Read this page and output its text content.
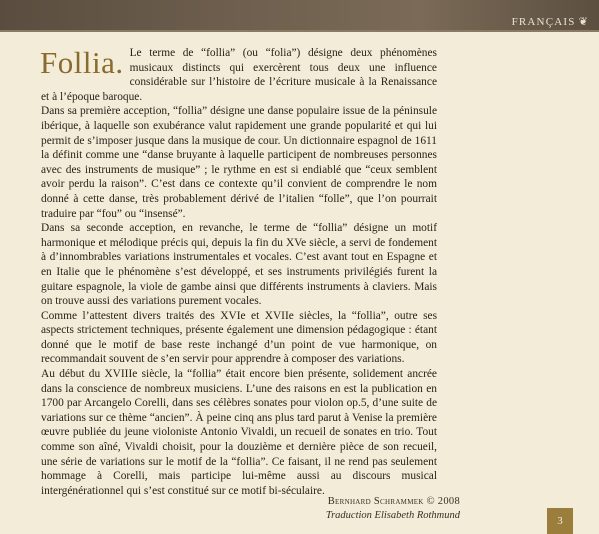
FRANÇAIS ❦

Follia. Le terme de “follia” (ou “folia”) désigne deux phénomènes musicaux distincts qui exercèrent tous deux une influence considérable sur l’histoire de l’écriture musicale à la Renaissance et à l’époque baroque.

Dans sa première acception, “follia” désigne une danse populaire issue de la péninsule ibérique, à laquelle son exubérance valut rapidement une grande popularité et qui lui permit de s’imposer jusque dans la musique de cour. Un dictionnaire espagnol de 1611 la définit comme une “danse bruyante à laquelle participent de nombreuses personnes avec des instruments de musique” ; le rythme en est si endiablé que “ceux semblent avoir perdu la raison”. C’est dans ce contexte qu’il convient de comprendre le nom donné à cette danse, très probablement dérivé de l’italien “folle”, que l’on pourrait traduire par “fou” ou “insensé”.

Dans sa seconde acception, en revanche, le terme de “follia” désigne un motif harmonique et mélodique précis qui, depuis la fin du XVe siècle, a servi de fondement à d’innombrables variations instrumentales et vocales. C’est avant tout en Espagne et en Italie que le phénomène s’est développé, et ses instruments privilégiés furent la guitare espagnole, la viole de gambe ainsi que différents instruments à claviers. Mais on trouve aussi des variations purement vocales.

Comme l’attestent divers traités des XVIe et XVIIe siècles, la “follia”, outre ses aspects strictement techniques, présente également une dimension pédagogique : étant donné que le motif de base reste inchangé d’un point de vue harmonique, on recommandait souvent de s’en servir pour apprendre à composer des variations.

Au début du XVIIIe siècle, la “follia” était encore bien présente, solidement ancrée dans la conscience de nombreux musiciens. L’une des raisons en est la publication en 1700 par Arcangelo Corelli, dans ses célèbres sonates pour violon op.5, d’une suite de variations sur ce thème “ancien”. À peine cinq ans plus tard parut à Venise la première œuvre publiée du jeune violoniste Antonio Vivaldi, un recueil de sonates en trio. Tout comme son aîné, Vivaldi choisit, pour la douzième et dernière pièce de son recueil, une série de variations sur le motif de la “follia”. Ce faisant, il ne rend pas seulement hommage à Corelli, mais participe lui-même aussi au discours musical intergénérationnel qui s’est constitué sur ce motif bi-séculaire.

Bernhard Schrammek © 2008
Traduction Elisabeth Rothmund	3
